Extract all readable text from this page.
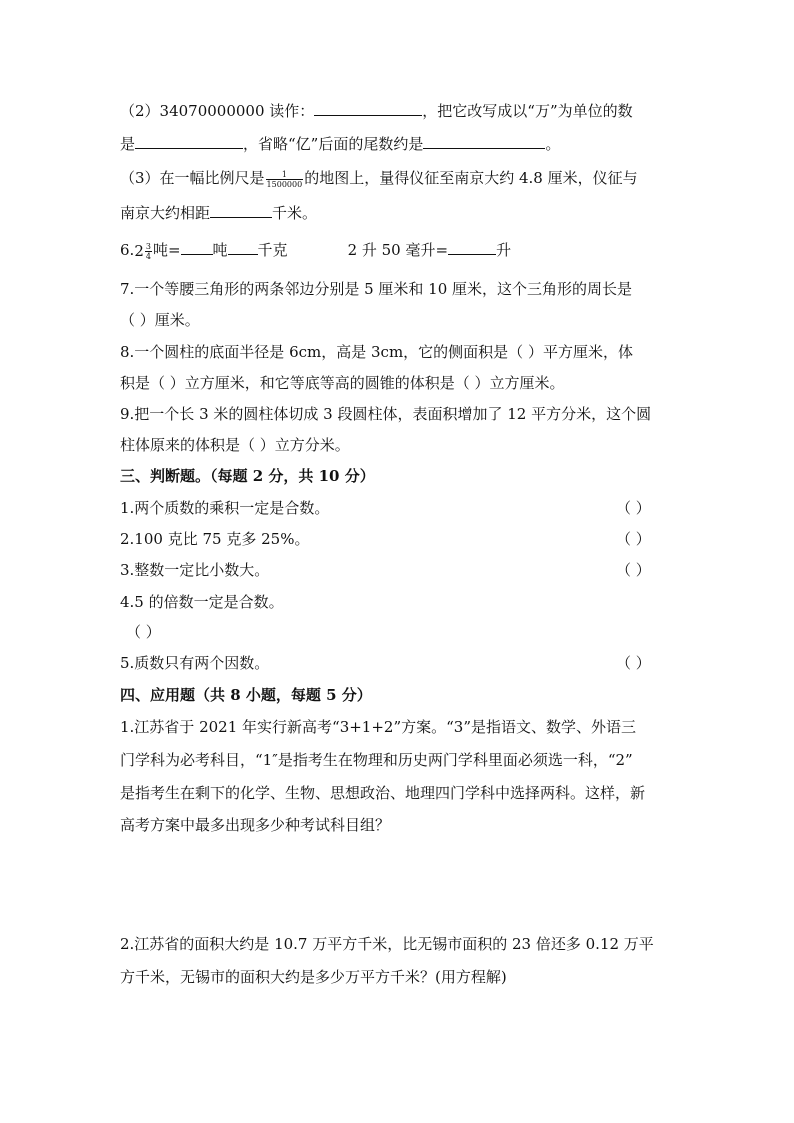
（2）34070000000 读作：	，把它改写成以“万”为单位的数
是	，省略“亿”后面的尾数约是	。
（3）在一幅比例尺是 $\frac{1}{1500000}$ 的地图上，量得仪征至南京大约 4.8 厘米，仪征与
南京大约相距	千米。
$6.2 \frac{3}{4}$ 吨= 吨 千克	2 升 50 毫升=	升
7.一个等腰三角形的两条邻边分别是 5 厘米和 10 厘米，这个三角形的周长是
（ ）厘米。
8.一个圆柱的底面半径是 6cm，高是 3cm，它的侧面积是（ ）平方厘米，体
积是（ ）立方厘米，和它等底等高的圆锥的体积是（ ）立方厘米。
9.把一个长 3 米的圆柱体切成 3 段圆柱体，表面积增加了 12 平方分米，这个圆
柱体原来的体积是（ ）立方分米。
三、判断题。（每题 2 分，共 10 分）
1.两个质数的乘积一定是合数。	（ ）
2.100 克比 75 克多 25%。	（ ）
3.整数一定比小数大。	（ ）
4.5 的倍数一定是合数。
（ ）
5.质数只有两个因数。	（ ）
四、应用题（共 8 小题，每题 5 分）
1.江苏省于 2021 年实行新高考“3+1+2”方案。“3”是指语文、数学、外语三
门学科为必考科目，“1″是指考生在物理和历史两门学科里面必须选一科，“2”
是指考生在剩下的化学、生物、思想政治、地理四门学科中选择两科。这样，新
高考方案中最多出现多少种考试科目组？
2.江苏省的面积大约是 10.7 万平方千米，比无锡市面积的 23 倍还多 0.12 万平
方千米，无锡市的面积大约是多少万平方千米？(用方程解)
